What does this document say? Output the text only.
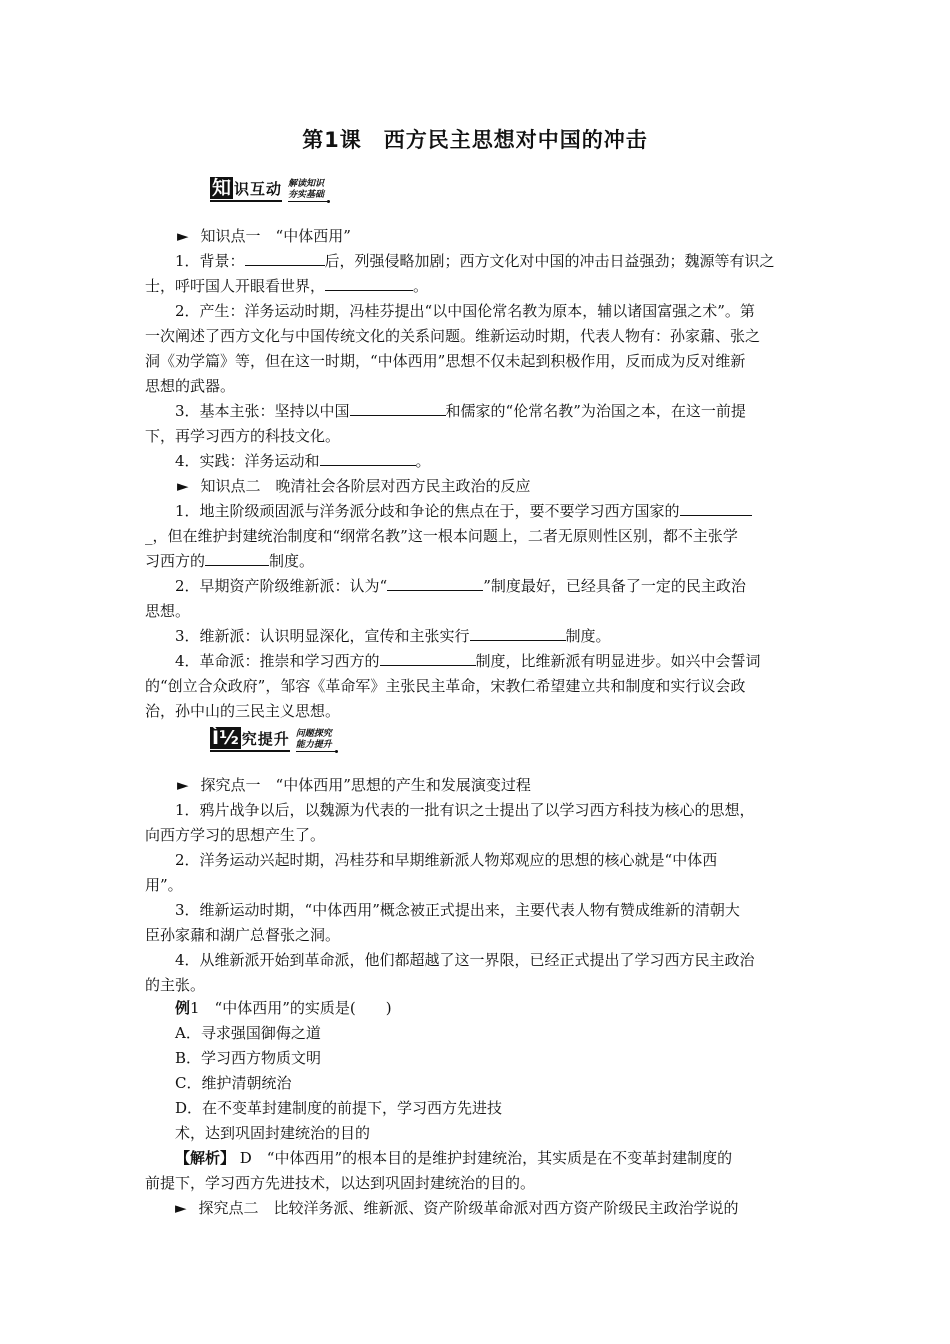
第1课　西方民主思想对中国的冲击
知 识互动 解读知识
夯实基础
► 知识点一　“中体西用”
1．背景：	后，列强侵略加剧；西方文化对中国的冲击日益强劲；魏源等有识之
士，呼吁国人开眼看世界，	。
2．产生：洋务运动时期，冯桂芬提出“以中国伦常名教为原本，辅以诸国富强之术”。第
一次阐述了西方文化与中国传统文化的关系问题。维新运动时期，代表人物有：孙家鼐、张之
洞《劝学篇》等，但在这一时期，“中体西用”思想不仅未起到积极作用，反而成为反对维新
思想的武器。
3．基本主张：坚持以中国	和儒家的“伦常名教”为治国之本，在这一前提
下，再学习西方的科技文化。
4．实践：洋务运动和	。
► 知识点二　晚清社会各阶层对西方民主政治的反应
1．地主阶级顽固派与洋务派分歧和争论的焦点在于，要不要学习西方国家的
_，但在维护封建统治制度和“纲常名教”这一根本问题上，二者无原则性区别，都不主张学
习西方的	制度。
2．早期资产阶级维新派：认为“	”制度最好，已经具备了一定的民主政治
思想。
3．维新派：认识明显深化，宣传和主张实行	制度。
4．革命派：推崇和学习西方的	制度，比维新派有明显进步。如兴中会誓词
的“创立合众政府”，邹容《革命军》主张民主革命，宋教仁希望建立共和制度和实行议会政
治，孙中山的三民主义思想。
Ì½ 究提升 问题探究
能力提升
► 探究点一　“中体西用”思想的产生和发展演变过程
1．鸦片战争以后，以魏源为代表的一批有识之士提出了以学习西方科技为核心的思想，
向西方学习的思想产生了。
2．洋务运动兴起时期，冯桂芬和早期维新派人物郑观应的思想的核心就是“中体西
用”。
3．维新运动时期，“中体西用”概念被正式提出来，主要代表人物有赞成维新的清朝大
臣孙家鼐和湖广总督张之洞。
4．从维新派开始到革命派，他们都超越了这一界限，已经正式提出了学习西方民主政治
的主张。
例1　“中体西用”的实质是(　　)
A．寻求强国御侮之道
B．学习西方物质文明
C．维护清朝统治
D．在不变革封建制度的前提下，学习西方先进技
术，达到巩固封建统治的目的
【解析】 D　“中体西用”的根本目的是维护封建统治，其实质是在不变革封建制度的
前提下，学习西方先进技术，以达到巩固封建统治的目的。
► 探究点二　比较洋务派、维新派、资产阶级革命派对西方资产阶级民主政治学说的
